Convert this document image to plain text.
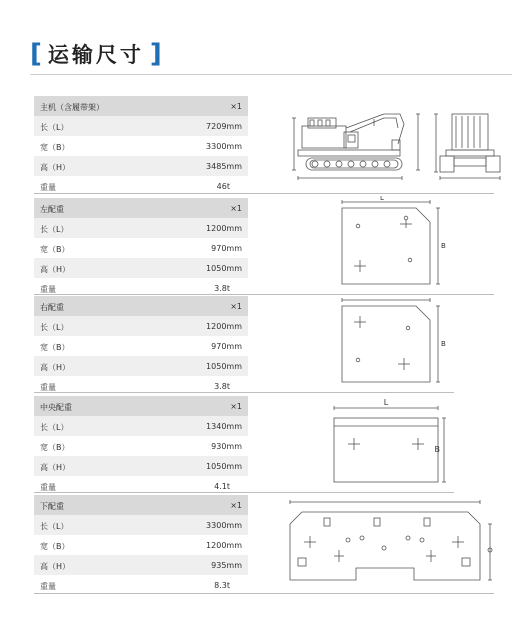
[ 运输尺寸 ]
主机（含履带架）	×1
长（L）	7209mm
宽（B）	3300mm
高（H）	3485mm
重量	46t
左配重	×1
长（L）	1200mm
宽（B）	970mm
高（H）	1050mm
重量	3.8t
L
B
右配重	×1
长（L）	1200mm
宽（B）	970mm
高（H）	1050mm
重量	3.8t
B
中央配重	×1
长（L）	1340mm
宽（B）	930mm
高（H）	1050mm
重量	4.1t
L
B
下配重	×1
长（L）	3300mm
宽（B）	1200mm
高（H）	935mm
重量	8.3t
